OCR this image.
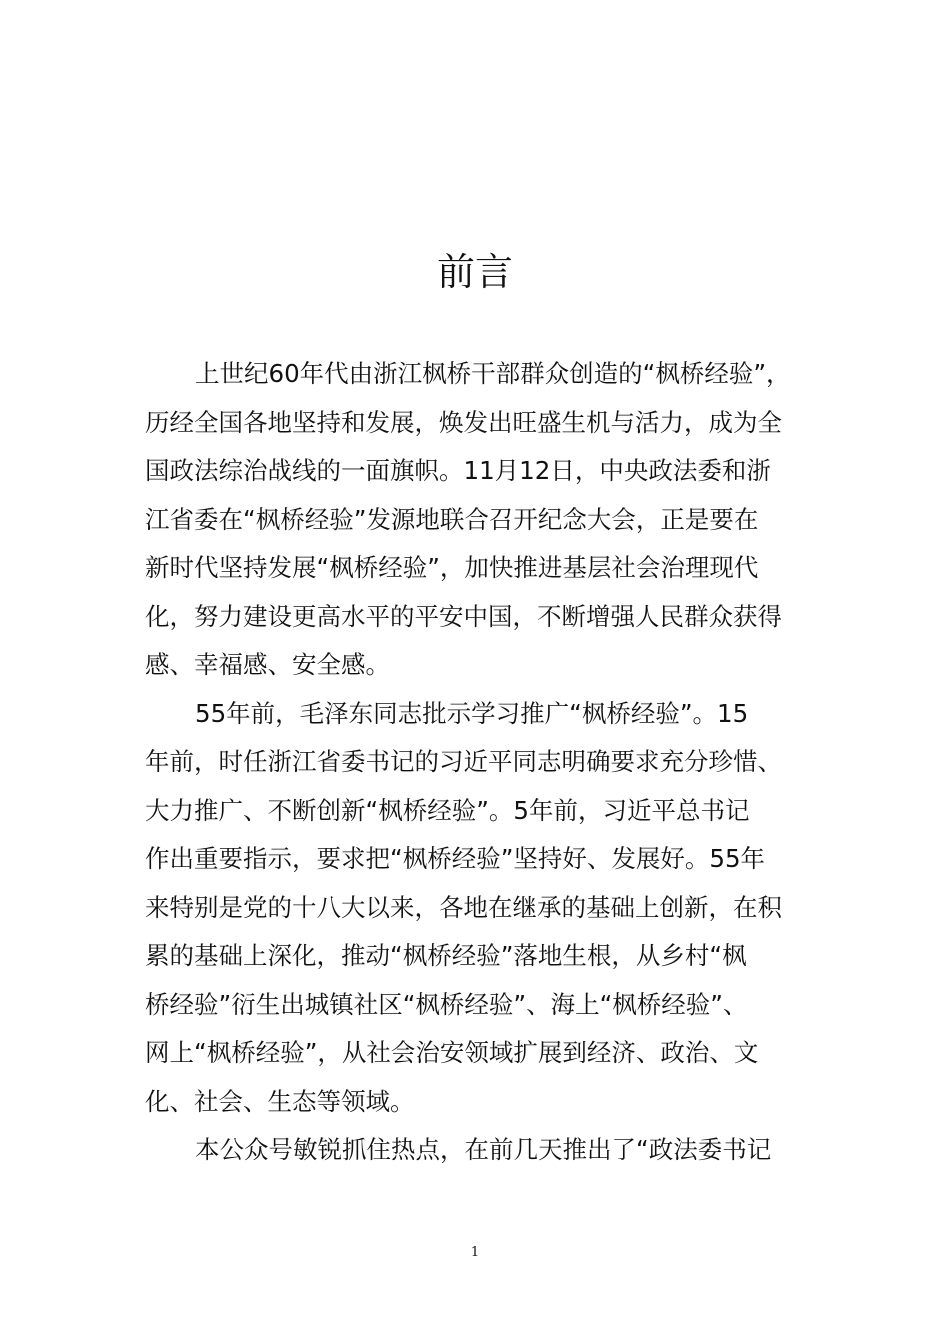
前言
上世纪60年代由浙江枫桥干部群众创造的“枫桥经验”，
历经全国各地坚持和发展，焕发出旺盛生机与活力，成为全
国政法综治战线的一面旗帜。11月12日，中央政法委和浙
江省委在“枫桥经验”发源地联合召开纪念大会，正是要在
新时代坚持发展“枫桥经验”，加快推进基层社会治理现代
化，努力建设更高水平的平安中国，不断增强人民群众获得
感、幸福感、安全感。
55年前，毛泽东同志批示学习推广“枫桥经验”。15
年前，时任浙江省委书记的习近平同志明确要求充分珍惜、
大力推广、不断创新“枫桥经验”。5年前，习近平总书记
作出重要指示，要求把“枫桥经验”坚持好、发展好。55年
来特别是党的十八大以来，各地在继承的基础上创新，在积
累的基础上深化，推动“枫桥经验”落地生根，从乡村“枫
桥经验”衍生出城镇社区“枫桥经验”、海上“枫桥经验”、
网上“枫桥经验”，从社会治安领域扩展到经济、政治、文
化、社会、生态等领域。
本公众号敏锐抓住热点，在前几天推出了“政法委书记
1
